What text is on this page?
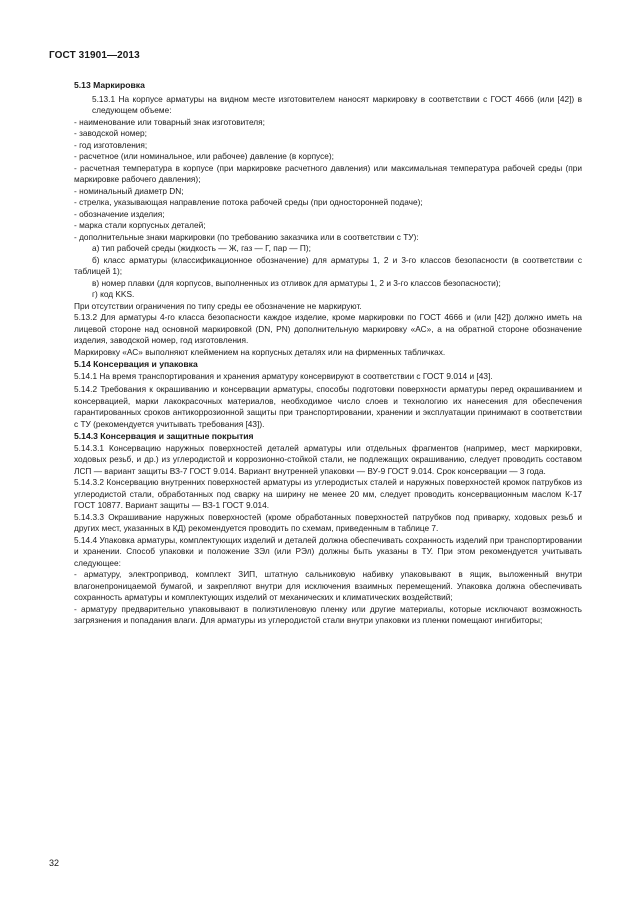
ГОСТ 31901—2013

5.13 Маркировка

5.13.1 На корпусе арматуры на видном месте изготовителем наносят маркировку в соответствии с ГОСТ 4666 (или [42]) в следующем объеме:

- наименование или товарный знак изготовителя;

- заводской номер;

- год изготовления;

- расчетное (или номинальное, или рабочее) давление (в корпусе);

- расчетная температура в корпусе (при маркировке расчетного давления) или максимальная температура рабочей среды (при маркировке рабочего давления);

- номинальный диаметр DN;

- стрелка, указывающая направление потока рабочей среды (при односторонней подаче);

- обозначение изделия;

- марка стали корпусных деталей;

- дополнительные знаки маркировки (по требованию заказчика или в соответствии с ТУ):

а) тип рабочей среды (жидкость — Ж, газ — Г, пар — П);

б) класс арматуры (классификационное обозначение) для арматуры 1, 2 и 3-го классов безопасности (в соответствии с таблицей 1);

в) номер плавки (для корпусов, выполненных из отливок для арматуры 1, 2 и 3-го классов безопасности);

г) код KKS.

При отсутствии ограничения по типу среды ее обозначение не маркируют.

5.13.2 Для арматуры 4-го класса безопасности каждое изделие, кроме маркировки по ГОСТ 4666 и (или [42]) должно иметь на лицевой стороне над основной маркировкой (DN, PN) дополнительную маркировку «АС», а на обратной стороне обозначение изделия, заводской номер, год изготовления.

Маркировку «АС» выполняют клеймением на корпусных деталях или на фирменных табличках.

5.14 Консервация и упаковка

5.14.1 На время транспортирования и хранения арматуру консервируют в соответствии с ГОСТ 9.014 и [43].

5.14.2 Требования к окрашиванию и консервации арматуры, способы подготовки поверхности арматуры перед окрашиванием и консервацией, марки лакокрасочных материалов, необходимое число слоев и технологию их нанесения для обеспечения гарантированных сроков антикоррозионной защиты при транспортировании, хранении и эксплуатации принимают в соответствии с ТУ (рекомендуется учитывать требования [43]).

5.14.3 Консервация и защитные покрытия

5.14.3.1 Консервацию наружных поверхностей деталей арматуры или отдельных фрагментов (например, мест маркировки, ходовых резьб, и др.) из углеродистой и коррозионно-стойкой стали, не подлежащих окрашиванию, следует проводить составом ЛСП — вариант защиты ВЗ-7 ГОСТ 9.014. Вариант внутренней упаковки — ВУ-9 ГОСТ 9.014. Срок консервации — 3 года.

5.14.3.2 Консервацию внутренних поверхностей арматуры из углеродистых сталей и наружных поверхностей кромок патрубков из углеродистой стали, обработанных под сварку на ширину не менее 20 мм, следует проводить консервационным маслом К-17 ГОСТ 10877. Вариант защиты — ВЗ-1 ГОСТ 9.014.

5.14.3.3 Окрашивание наружных поверхностей (кроме обработанных поверхностей патрубков под приварку, ходовых резьб и других мест, указанных в КД) рекомендуется проводить по схемам, приведенным в таблице 7.

5.14.4 Упаковка арматуры, комплектующих изделий и деталей должна обеспечивать сохранность изделий при транспортировании и хранении. Способ упаковки и положение ЗЭл (или РЭл) должны быть указаны в ТУ. При этом рекомендуется учитывать следующее:

- арматуру, электропривод, комплект ЗИП, штатную сальниковую набивку упаковывают в ящик, выложенный внутри влагонепроницаемой бумагой, и закрепляют внутри для исключения взаимных перемещений. Упаковка должна обеспечивать сохранность арматуры и комплектующих изделий от механических и климатических воздействий;

- арматуру предварительно упаковывают в полиэтиленовую пленку или другие материалы, которые исключают возможность загрязнения и попадания влаги. Для арматуры из углеродистой стали внутри упаковки из пленки помещают ингибиторы;

32
